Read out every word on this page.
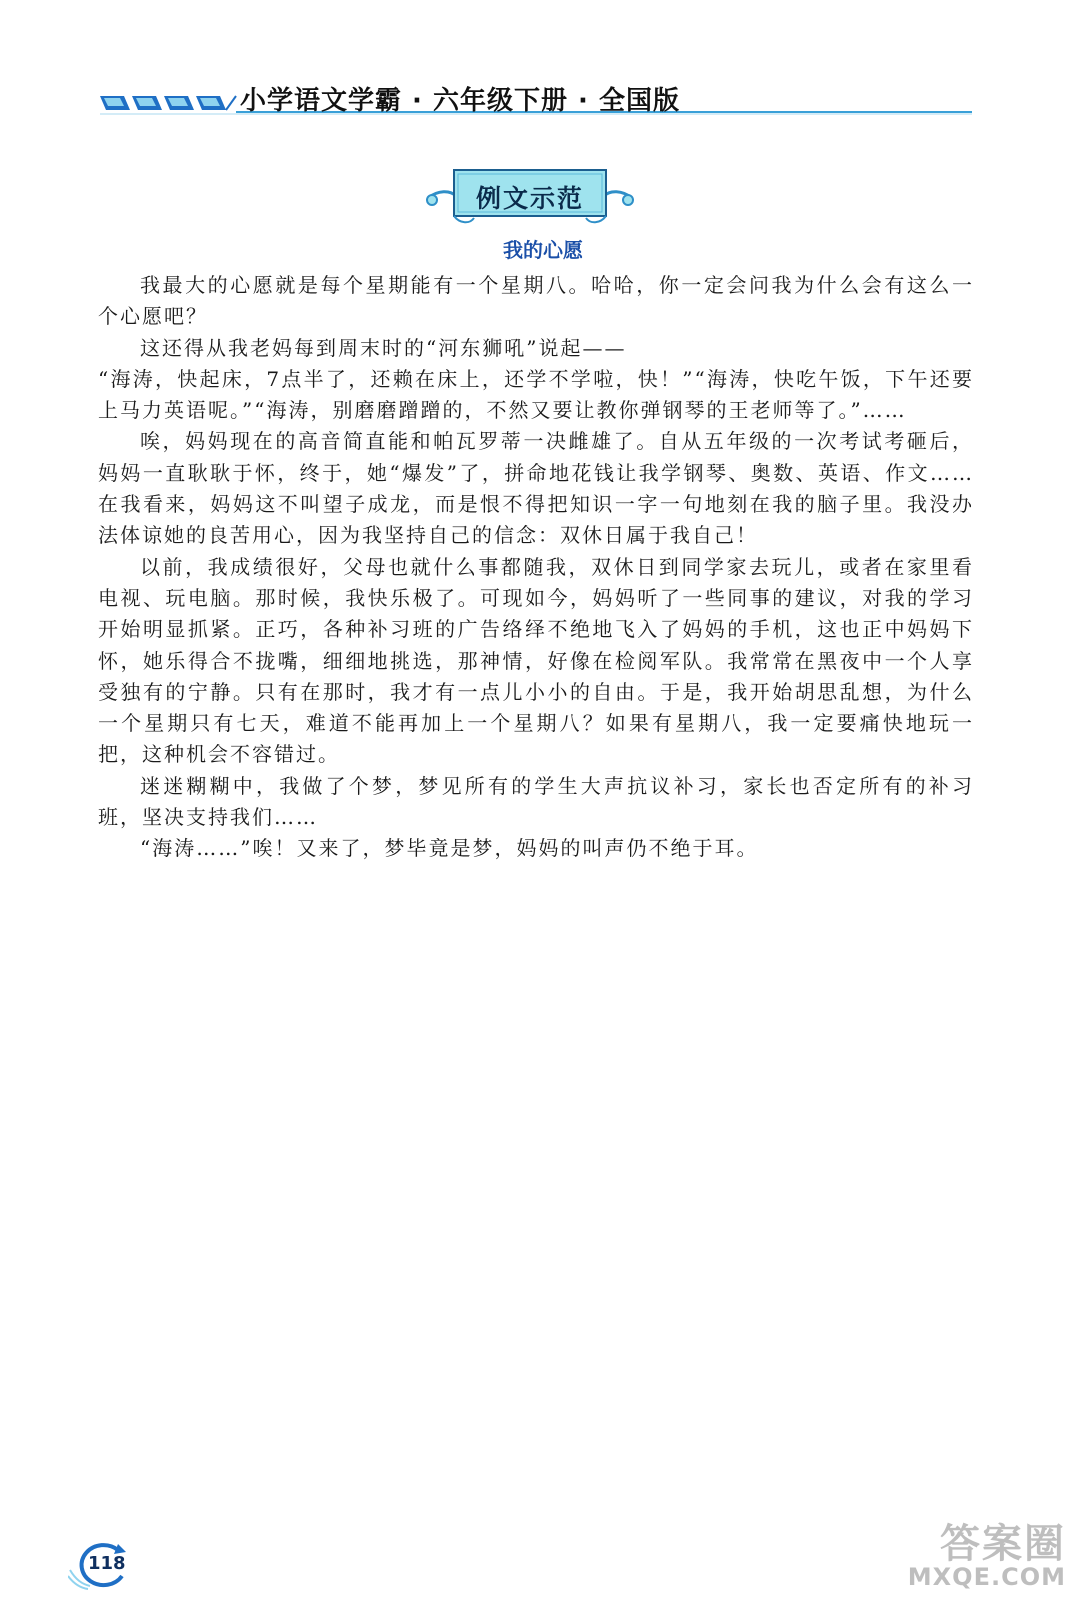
小学语文学霸 · 六年级下册 · 全国版
例文示范
我的心愿

我最大的心愿就是每个星期能有一个星期八。哈哈，你一定会问我为什么会有这么一个心愿吧？

这还得从我老妈每到周末时的“河东狮吼”说起——

“海涛，快起床，7点半了，还赖在床上，还学不学啦，快！”“海涛，快吃午饭，下午还要上马力英语呢。”“海涛，别磨磨蹭蹭的，不然又要让教你弹钢琴的王老师等了。”……

唉，妈妈现在的高音简直能和帕瓦罗蒂一决雌雄了。自从五年级的一次考试考砸后，妈妈一直耿耿于怀，终于，她“爆发”了，拼命地花钱让我学钢琴、奥数、英语、作文……在我看来，妈妈这不叫望子成龙，而是恨不得把知识一字一句地刻在我的脑子里。我没办法体谅她的良苦用心，因为我坚持自己的信念：双休日属于我自己！

以前，我成绩很好，父母也就什么事都随我，双休日到同学家去玩儿，或者在家里看电视、玩电脑。那时候，我快乐极了。可现如今，妈妈听了一些同事的建议，对我的学习开始明显抓紧。正巧，各种补习班的广告络绎不绝地飞入了妈妈的手机，这也正中妈妈下怀，她乐得合不拢嘴，细细地挑选，那神情，好像在检阅军队。我常常在黑夜中一个人享受独有的宁静。只有在那时，我才有一点儿小小的自由。于是，我开始胡思乱想，为什么一个星期只有七天，难道不能再加上一个星期八？如果有星期八，我一定要痛快地玩一把，这种机会不容错过。

迷迷糊糊中，我做了个梦，梦见所有的学生大声抗议补习，家长也否定所有的补习班，坚决支持我们……

“海涛……”唉！又来了，梦毕竟是梦，妈妈的叫声仍不绝于耳。

118	答案圈
MXQE.COM
